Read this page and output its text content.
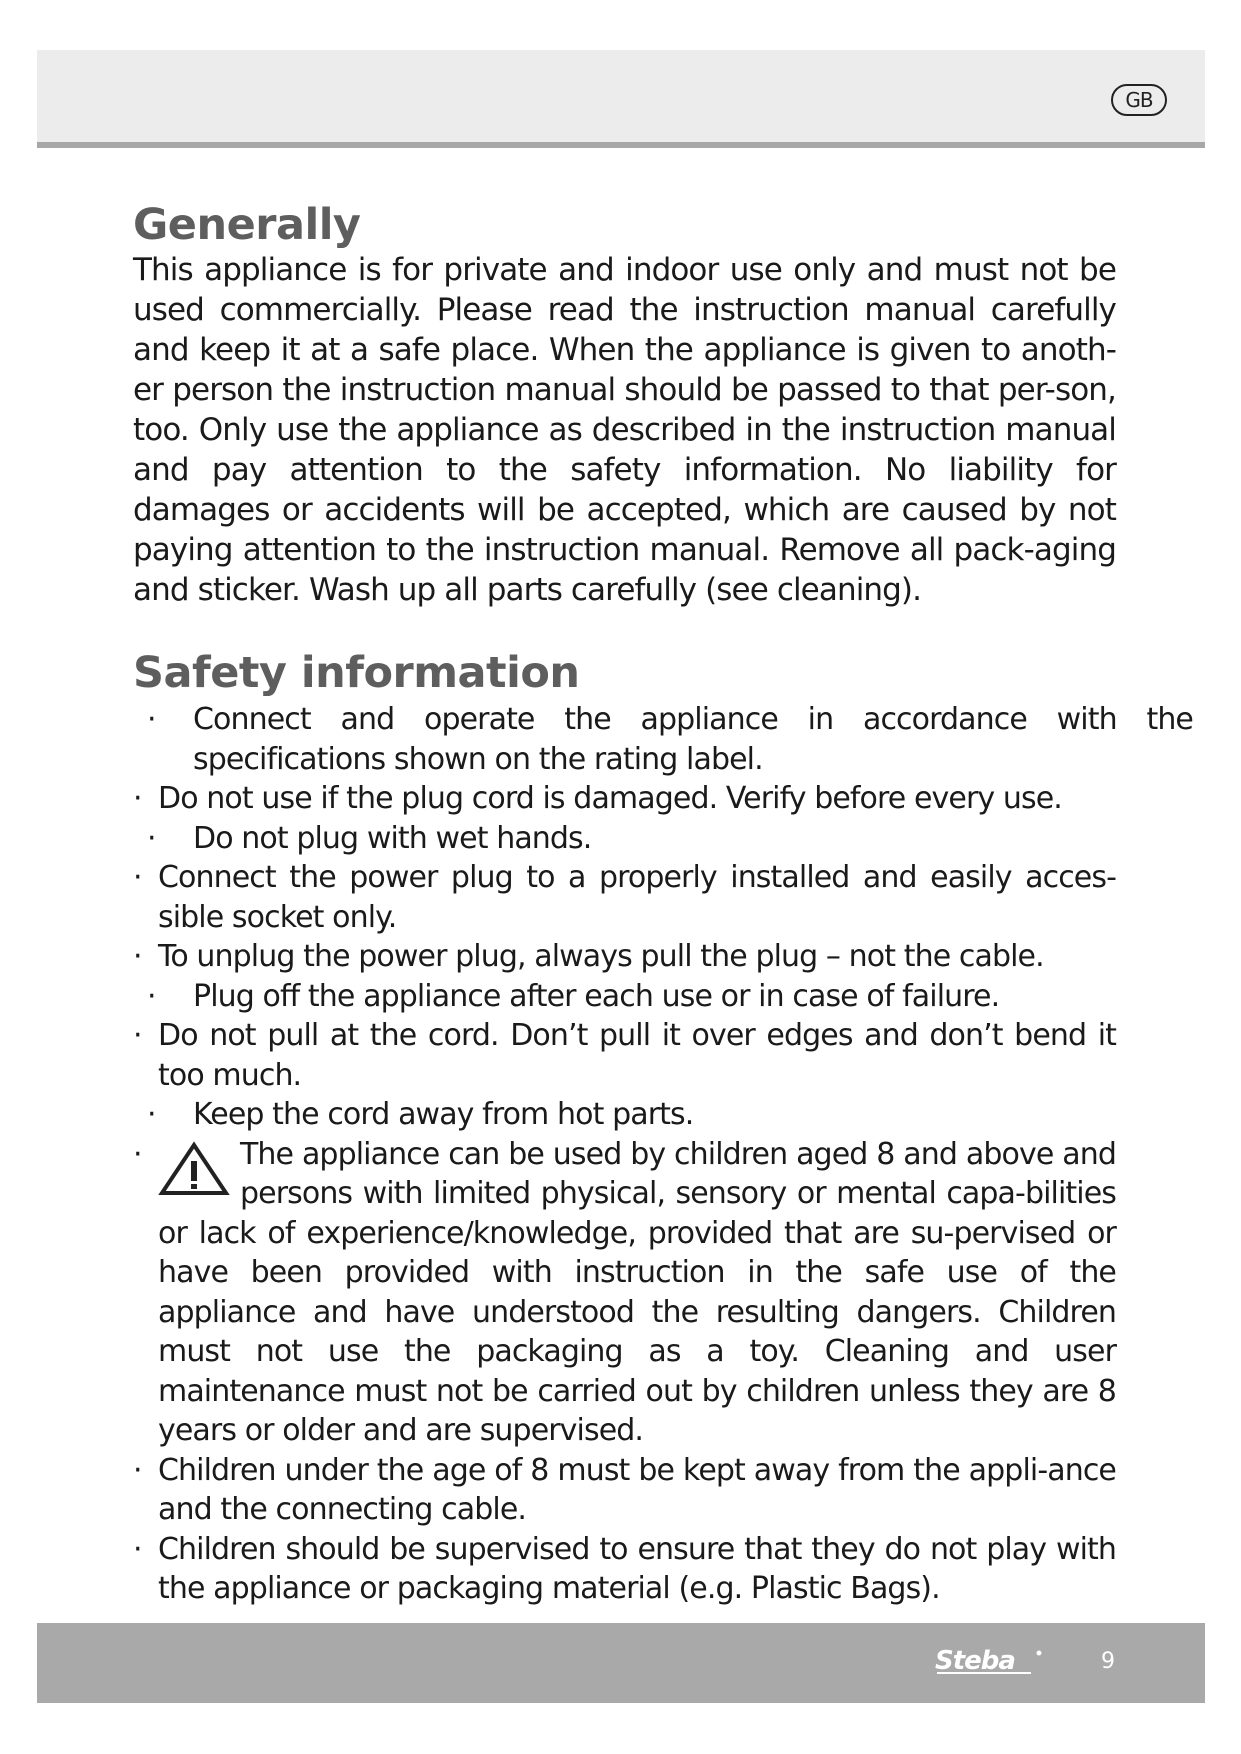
GB
Generally

This appliance is for private and indoor use only and must not be used commercially. Please read the instruction manual carefully and keep it at a safe place. When the appliance is given to anoth-er person the instruction manual should be passed to that per-son, too. Only use the appliance as described in the instruction manual and pay attention to the safety information. No liability for damages or accidents will be accepted, which are caused by not paying attention to the instruction manual. Remove all pack-aging and sticker. Wash up all parts carefully (see cleaning).

Safety information
· Connect and operate the appliance in accordance with the specifications shown on the rating label.
· Do not use if the plug cord is damaged. Verify before every use.
· Do not plug with wet hands.
· Connect the power plug to a properly installed and easily acces-sible socket only.
· To unplug the power plug, always pull the plug – not the cable.
· Plug off the appliance after each use or in case of failure.
· Do not pull at the cord. Don’t pull it over edges and don’t bend it too much.
· Keep the cord away from hot parts.
·	The appliance can be used by children aged 8 and above and persons with limited physical, sensory or mental capa-bilities or lack of experience/knowledge, provided that are su-pervised or have been provided with instruction in the safe use of the appliance and have understood the resulting dangers. Children must not use the packaging as a toy. Cleaning and user maintenance must not be carried out by children unless they are 8 years or older and are supervised.
· Children under the age of 8 must be kept away from the appli-ance and the connecting cable.
· Children should be supervised to ensure that they do not play with the appliance or packaging material (e.g. Plastic Bags).
Steba	9
